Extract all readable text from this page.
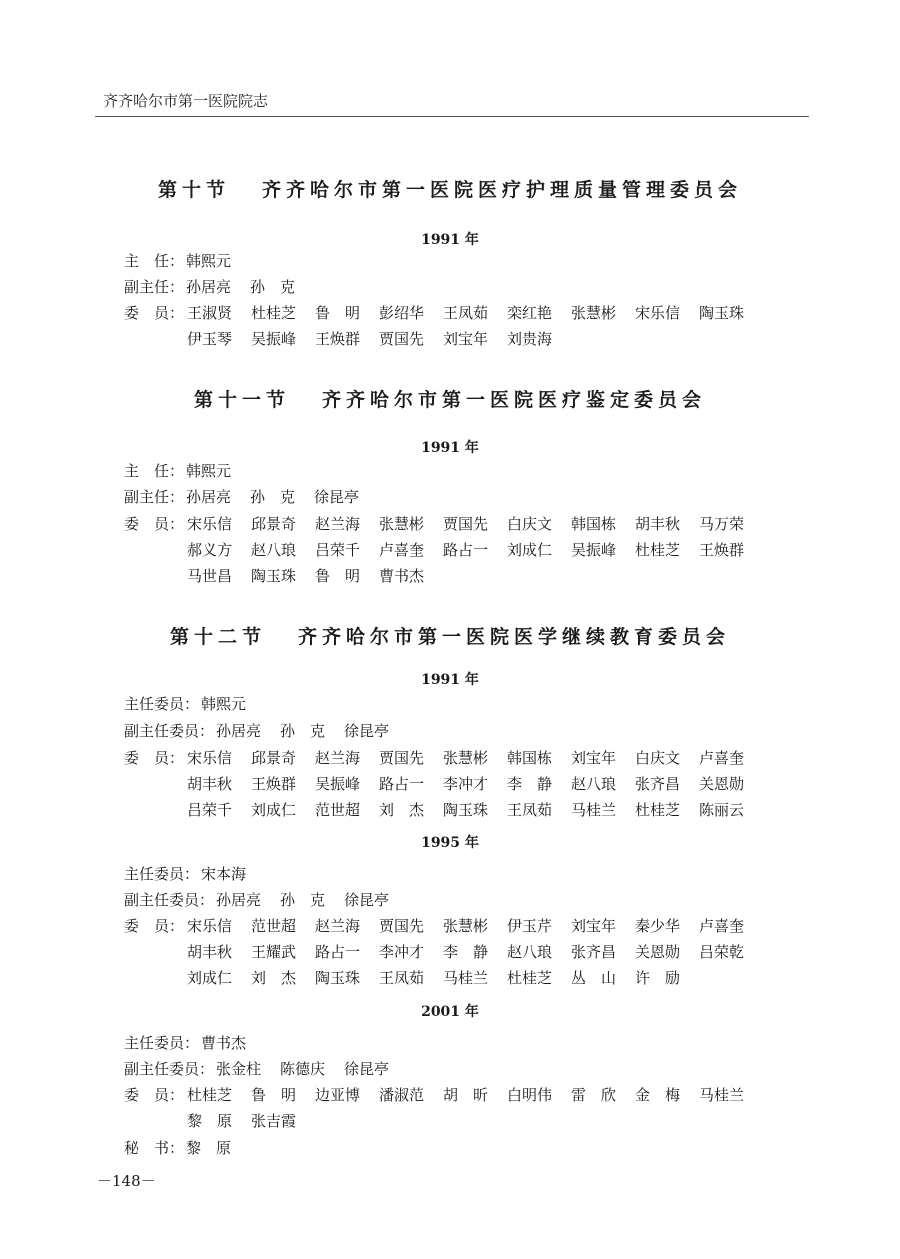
齐齐哈尔市第一医院院志
第十节 齐齐哈尔市第一医院医疗护理质量管理委员会
1991 年
主　任： 韩熙元
副主任： 孙居亮 孙　克
委　员： 王淑贤 杜桂芝 鲁　明 彭绍华 王凤茹 栾红艳 张慧彬 宋乐信 陶玉珠
伊玉琴 吴振峰 王焕群 贾国先 刘宝年 刘贵海
第十一节 齐齐哈尔市第一医院医疗鉴定委员会
1991 年
主　任： 韩熙元
副主任： 孙居亮 孙　克 徐昆亭
委　员： 宋乐信 邱景奇 赵兰海 张慧彬 贾国先 白庆文 韩国栋 胡丰秋 马万荣
郝义方 赵八琅 吕荣千 卢喜奎 路占一 刘成仁 吴振峰 杜桂芝 王焕群
马世昌 陶玉珠 鲁　明 曹书杰
第十二节 齐齐哈尔市第一医院医学继续教育委员会
1991 年
主任委员： 韩熙元
副主任委员： 孙居亮 孙　克 徐昆亭
委　员： 宋乐信 邱景奇 赵兰海 贾国先 张慧彬 韩国栋 刘宝年 白庆文 卢喜奎
胡丰秋 王焕群 吴振峰 路占一 李冲才 李　静 赵八琅 张齐昌 关恩勋
吕荣千 刘成仁 范世超 刘　杰 陶玉珠 王凤茹 马桂兰 杜桂芝 陈丽云
1995 年
主任委员： 宋本海
副主任委员： 孙居亮 孙　克 徐昆亭
委　员： 宋乐信 范世超 赵兰海 贾国先 张慧彬 伊玉芹 刘宝年 秦少华 卢喜奎
胡丰秋 王耀武 路占一 李冲才 李　静 赵八琅 张齐昌 关恩勋 吕荣乾
刘成仁 刘　杰 陶玉珠 王凤茹 马桂兰 杜桂芝 丛　山 许　励
2001 年
主任委员： 曹书杰
副主任委员： 张金柱 陈德庆 徐昆亭
委　员： 杜桂芝 鲁　明 边亚博 潘淑范 胡　昕 白明伟 雷　欣 金　梅 马桂兰
黎　原 张吉霞
秘　书： 黎　原
－148－
